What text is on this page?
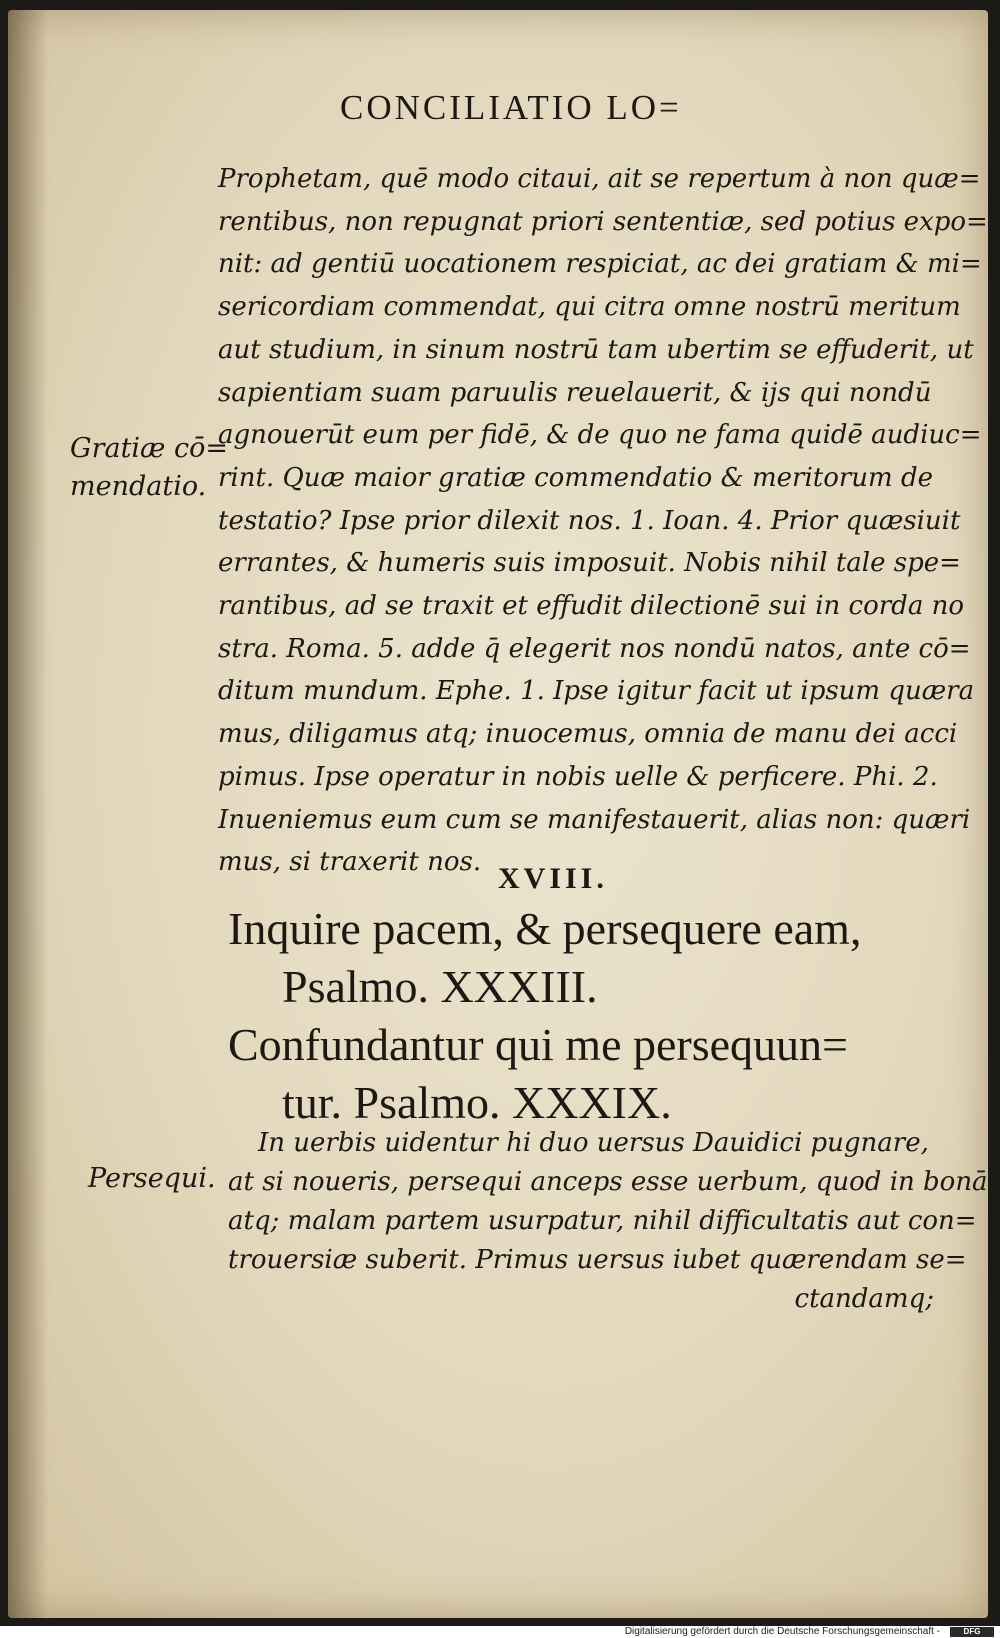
CONCILIATIO LO=

Prophetam, quē modo citaui, ait se repertum à non quæ=
rentibus, non repugnat priori sententiæ, sed potius expo=
nit: ad gentiū uocationem respiciat, ac dei gratiam & mi=
sericordiam commendat, qui citra omne nostrū meritum
aut studium, in sinum nostrū tam ubertim se effuderit, ut
sapientiam suam paruulis reuelauerit, & ijs qui nondū
agnouerūt eum per fidē, & de quo ne fama quidē audiuc=
rint. Quæ maior gratiæ commendatio & meritorum de
testatio? Ipse prior dilexit nos. 1. Ioan. 4. Prior quæsiuit
errantes, & humeris suis imposuit. Nobis nihil tale spe=
rantibus, ad se traxit et effudit dilectionē sui in corda no
stra. Roma. 5. adde q̄ elegerit nos nondū natos, ante cō=
ditum mundum. Ephe. 1. Ipse igitur facit ut ipsum quæra
mus, diligamus atq; inuocemus, omnia de manu dei acci
pimus. Ipse operatur in nobis uelle & perficere. Phi. 2.
Inueniemus eum cum se manifestauerit, alias non: quæri
mus, si traxerit nos.

Gratiæ cō=
mendatio.

XVIII.

Inquire pacem, & persequere eam,

Psalmo. XXXIII.

Confundantur qui me persequun=

tur. Psalmo. XXXIX.

In uerbis uidentur hi duo uersus Dauidici pugnare,
at si noueris, persequi anceps esse uerbum, quod in bonā
atq; malam partem usurpatur, nihil difficultatis aut con=
trouersiæ suberit. Primus uersus iubet quærendam se=
ctandamq;

Persequi.

Digitalisierung gefördert durch die Deutsche Forschungsgemeinschaft -	DFG
